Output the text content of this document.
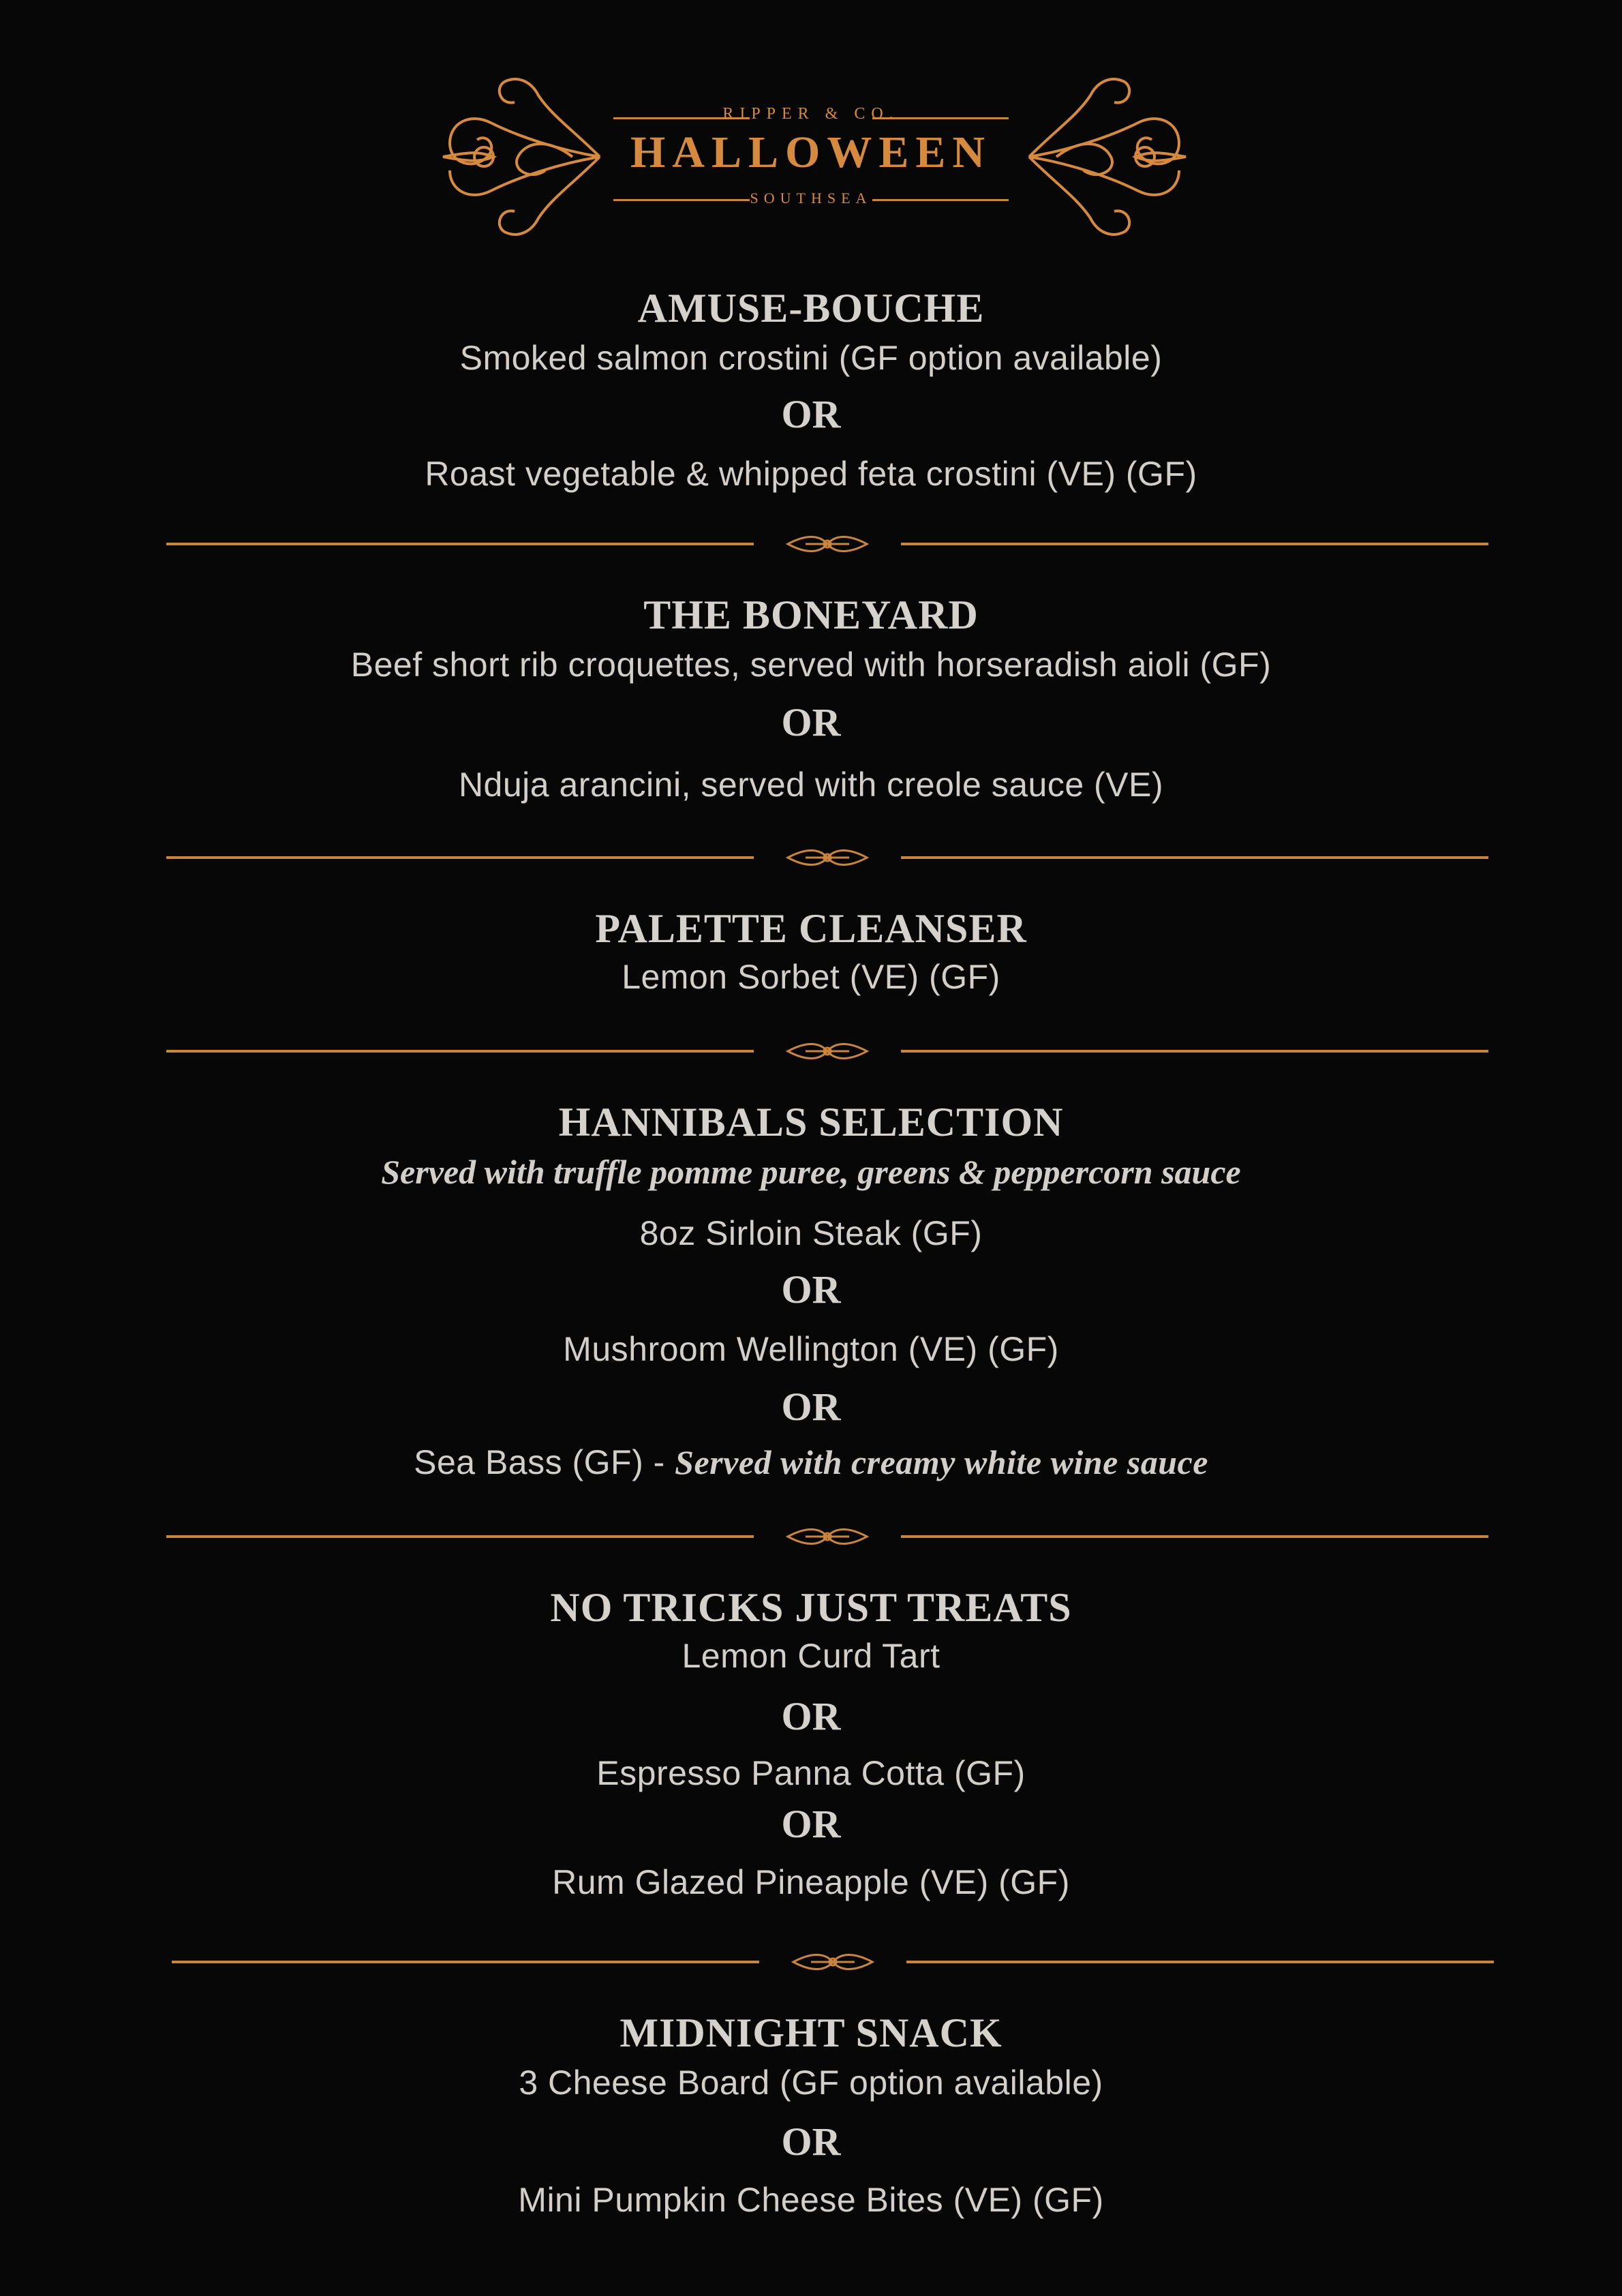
RIPPER & CO.
HALLOWEEN
SOUTHSEA
AMUSE-BOUCHE
Smoked salmon crostini (GF option available)
OR
Roast vegetable & whipped feta crostini (VE) (GF)
THE BONEYARD
Beef short rib croquettes, served with horseradish aioli (GF)
OR
Nduja arancini, served with creole sauce (VE)
PALETTE CLEANSER
Lemon Sorbet (VE) (GF)
HANNIBALS SELECTION
Served with truffle pomme puree, greens & peppercorn sauce
8oz Sirloin Steak (GF)
OR
Mushroom Wellington (VE) (GF)
OR
Sea Bass (GF) - Served with creamy white wine sauce
NO TRICKS JUST TREATS
Lemon Curd Tart
OR
Espresso Panna Cotta (GF)
OR
Rum Glazed Pineapple (VE) (GF)
MIDNIGHT SNACK
3 Cheese Board (GF option available)
OR
Mini Pumpkin Cheese Bites (VE) (GF)
